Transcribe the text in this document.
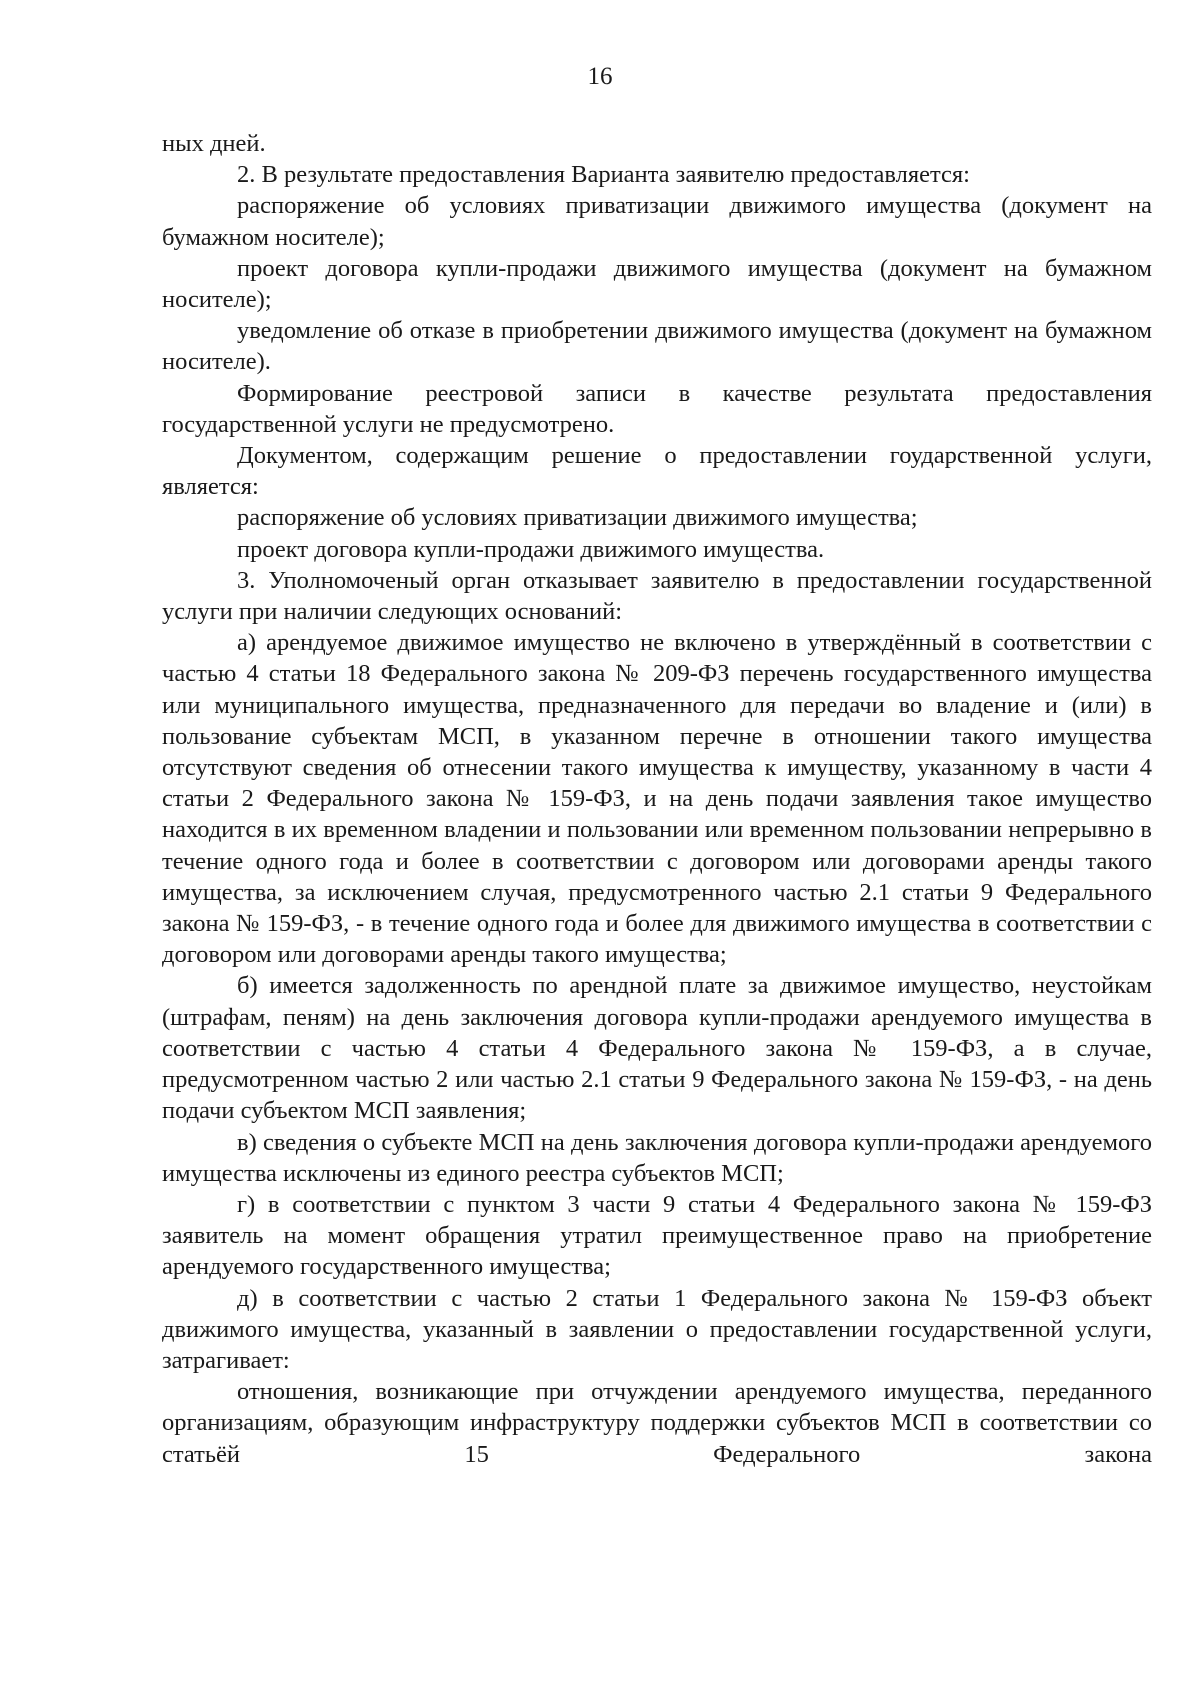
16

ных дней.

2. В результате предоставления Варианта заявителю предоставляется:

распоряжение об условиях приватизации движимого имущества (документ на бумажном носителе);

проект договора купли-продажи движимого имущества (документ на бумажном носителе);

уведомление об отказе в приобретении движимого имущества (документ на бумажном носителе).

Формирование реестровой записи в качестве результата предоставления государственной услуги не предусмотрено.

Документом, содержащим решение о предоставлении гоударственной услуги, является:

распоряжение об условиях приватизации движимого имущества;

проект договора купли-продажи движимого имущества.

3. Уполномоченый орган отказывает заявителю в предоставлении государственной услуги при наличии следующих оснований:

а) арендуемое движимое имущество не включено в утверждённый в соответствии с частью 4 статьи 18 Федерального закона № 209-ФЗ перечень государственного имущества или муниципального имущества, предназначенного для передачи во владение и (или) в пользование субъектам МСП, в указанном перечне в отношении такого имущества отсутствуют сведения об отнесении такого имущества к имуществу, указанному в части 4 статьи 2 Федерального закона № 159-ФЗ, и на день подачи заявления такое имущество находится в их временном владении и пользовании или временном пользовании непрерывно в течение одного года и более в соответствии с договором или договорами аренды такого имущества, за исключением случая, предусмотренного частью 2.1 статьи 9 Федерального закона № 159-ФЗ, - в течение одного года и более для движимого имущества в соответствии с договором или договорами аренды такого имущества;

б) имеется задолженность по арендной плате за движимое имущество, неустойкам (штрафам, пеням) на день заключения договора купли-продажи арендуемого имущества в соответствии с частью 4 статьи 4 Федерального закона № 159-ФЗ, а в случае, предусмотренном частью 2 или частью 2.1 статьи 9 Федерального закона № 159-ФЗ, - на день подачи субъектом МСП заявления;

в) сведения о субъекте МСП на день заключения договора купли-продажи арендуемого имущества исключены из единого реестра субъектов МСП;

г) в соответствии с пунктом 3 части 9 статьи 4 Федерального закона № 159-ФЗ заявитель на момент обращения утратил преимущественное право на приобретение арендуемого государственного имущества;

д) в соответствии с частью 2 статьи 1 Федерального закона № 159-ФЗ объект движимого имущества, указанный в заявлении о предоставлении государственной услуги, затрагивает:

отношения, возникающие при отчуждении арендуемого имущества, переданного организациям, образующим инфраструктуру поддержки субъектов МСП в соответствии со статьёй 15 Федерального закона
